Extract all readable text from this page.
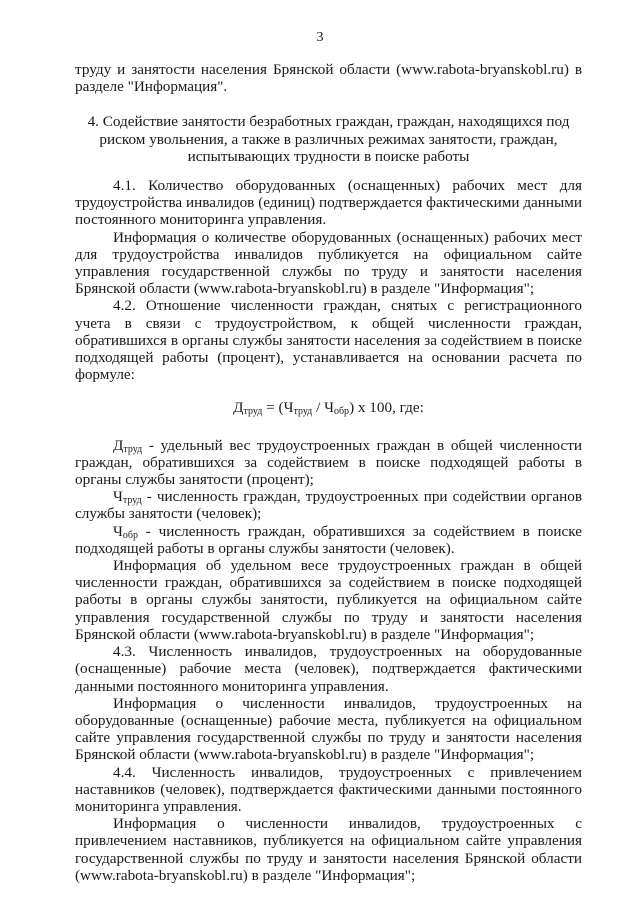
3

труду и занятости населения Брянской области (www.rabota-bryanskobl.ru) в разделе "Информация".

4. Содействие занятости безработных граждан, граждан, находящихся под риском увольнения, а также в различных режимах занятости, граждан, испытывающих трудности в поиске работы

4.1. Количество оборудованных (оснащенных) рабочих мест для трудоустройства инвалидов (единиц) подтверждается фактическими данными постоянного мониторинга управления.

Информация о количестве оборудованных (оснащенных) рабочих мест для трудоустройства инвалидов публикуется на официальном сайте управления государственной службы по труду и занятости населения Брянской области (www.rabota-bryanskobl.ru) в разделе "Информация";

4.2. Отношение численности граждан, снятых с регистрационного учета в связи с трудоустройством, к общей численности граждан, обратившихся в органы службы занятости населения за содействием в поиске подходящей работы (процент), устанавливается на основании расчета по формуле:

$Д_{труд} = (Ч_{труд} / Ч_{обр})$ x 100, где:

$Д_{труд}$ - удельный вес трудоустроенных граждан в общей численности граждан, обратившихся за содействием в поиске подходящей работы в органы службы занятости (процент);

$Ч_{труд}$ - численность граждан, трудоустроенных при содействии органов службы занятости (человек);

$Ч_{обр}$ - численность граждан, обратившихся за содействием в поиске подходящей работы в органы службы занятости (человек).

Информация об удельном весе трудоустроенных граждан в общей численности граждан, обратившихся за содействием в поиске подходящей работы в органы службы занятости, публикуется на официальном сайте управления государственной службы по труду и занятости населения Брянской области (www.rabota-bryanskobl.ru) в разделе "Информация";

4.3. Численность инвалидов, трудоустроенных на оборудованные (оснащенные) рабочие места (человек), подтверждается фактическими данными постоянного мониторинга управления.

Информация о численности инвалидов, трудоустроенных на оборудованные (оснащенные) рабочие места, публикуется на официальном сайте управления государственной службы по труду и занятости населения Брянской области (www.rabota-bryanskobl.ru) в разделе "Информация";

4.4. Численность инвалидов, трудоустроенных с привлечением наставников (человек), подтверждается фактическими данными постоянного мониторинга управления.

Информация о численности инвалидов, трудоустроенных с привлечением наставников, публикуется на официальном сайте управления государственной службы по труду и занятости населения Брянской области (www.rabota-bryanskobl.ru) в разделе "Информация";
